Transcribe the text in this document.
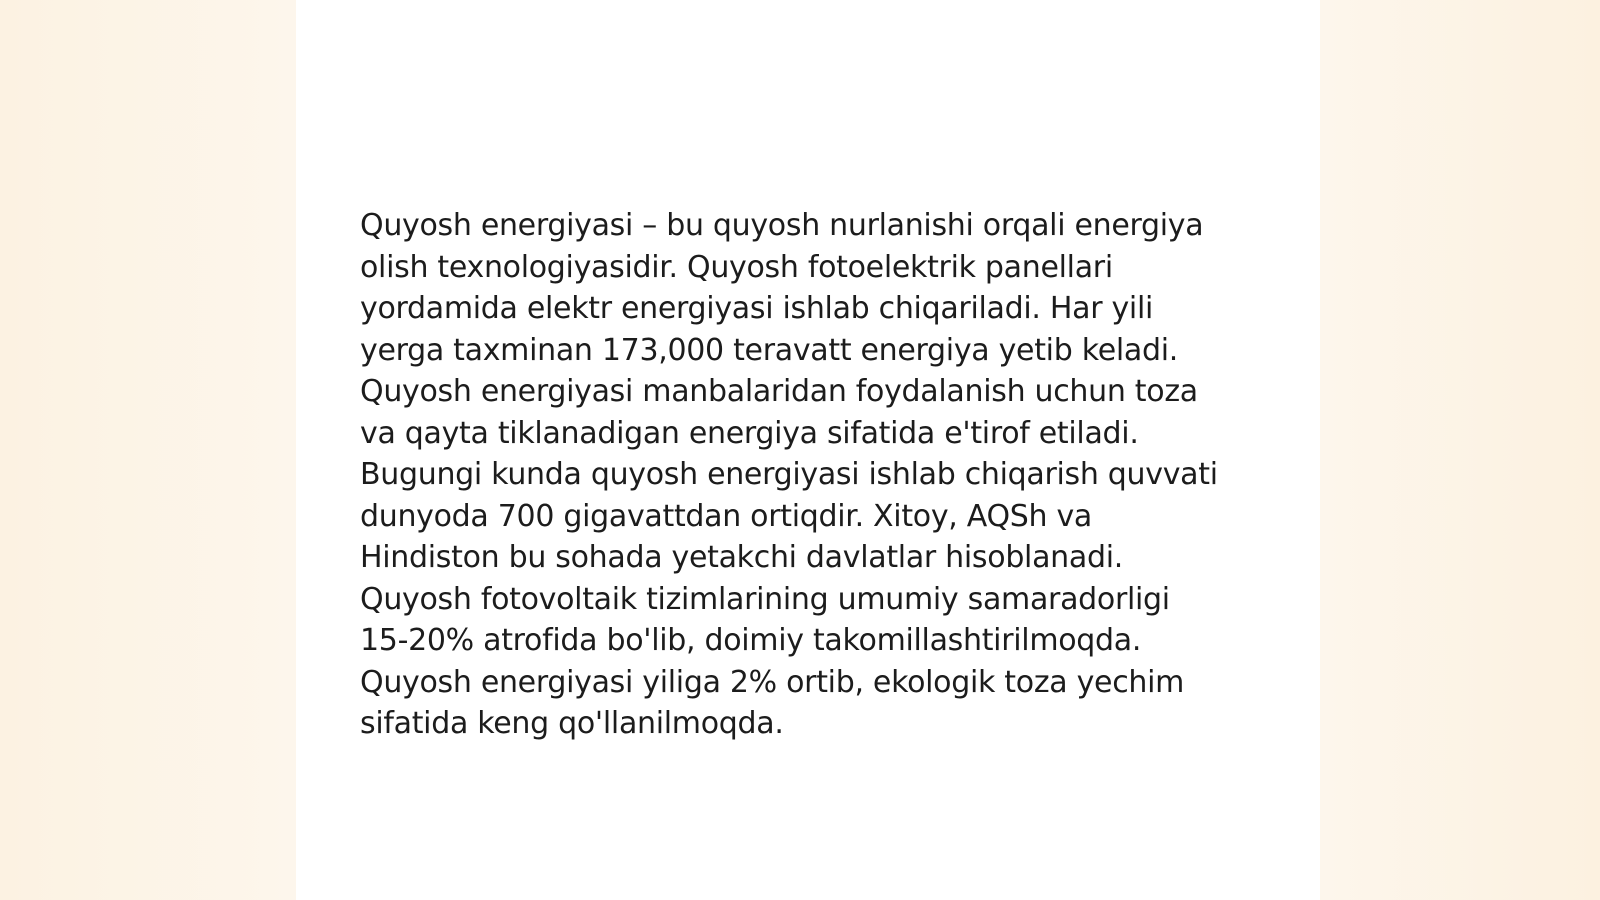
Quyosh energiyasi – bu quyosh nurlanishi orqali energiya olish texnologiyasidir. Quyosh fotoelektrik panellari yordamida elektr energiyasi ishlab chiqariladi. Har yili yerga taxminan 173,000 teravatt energiya yetib keladi. Quyosh energiyasi manbalaridan foydalanish uchun toza va qayta tiklanadigan energiya sifatida e'tirof etiladi. Bugungi kunda quyosh energiyasi ishlab chiqarish quvvati dunyoda 700 gigavattdan ortiqdir. Xitoy, AQSh va Hindiston bu sohada yetakchi davlatlar hisoblanadi. Quyosh fotovoltaik tizimlarining umumiy samaradorligi 15-20% atrofida bo'lib, doimiy takomillashtirilmoqda. Quyosh energiyasi yiliga 2% ortib, ekologik toza yechim sifatida keng qo'llanilmoqda.
